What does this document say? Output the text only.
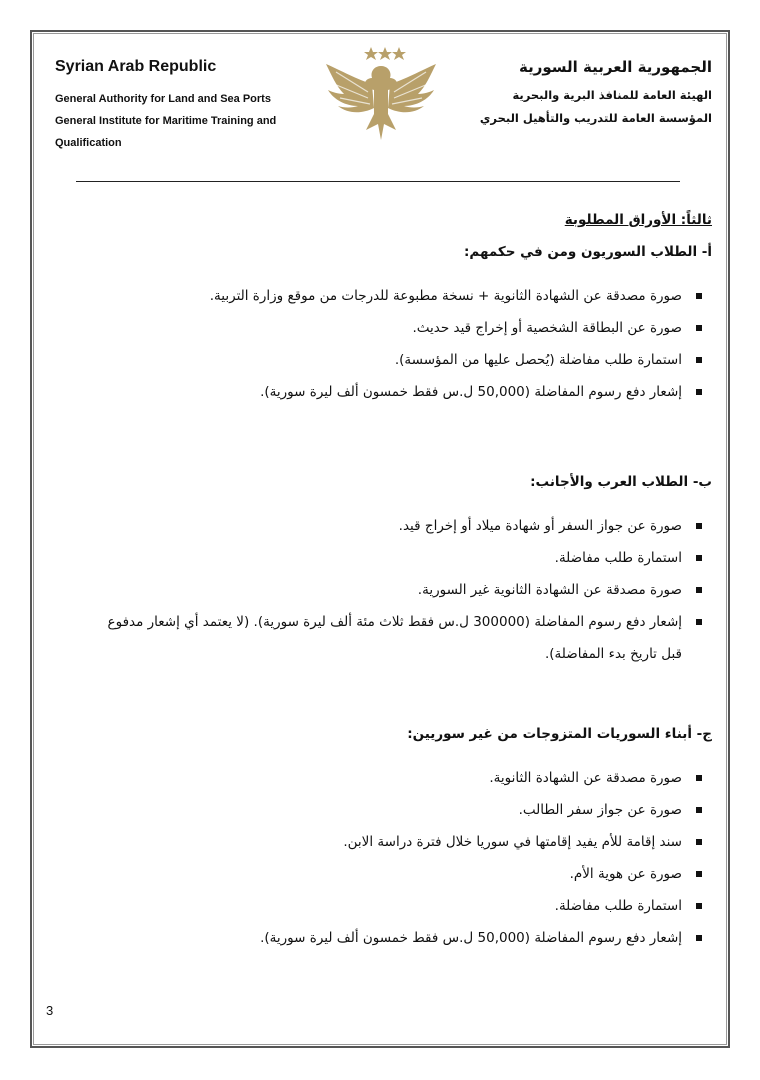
Syrian Arab Republic
General Authority for Land and Sea Ports
General Institute for Maritime Training and Qualification
الجمهورية العربية السورية
الهيئة العامة للمنافذ البرية والبحرية
المؤسسة العامة للتدريب والتأهيل البحري
ثالثاً: الأوراق المطلوبة
أ- الطلاب السوريون ومن في حكمهم:
صورة مصدقة عن الشهادة الثانوية + نسخة مطبوعة للدرجات من موقع وزارة التربية.
صورة عن البطاقة الشخصية أو إخراج قيد حديث.
استمارة طلب مفاضلة (يُحصل عليها من المؤسسة).
إشعار دفع رسوم المفاضلة (50,000 ل.س فقط خمسون ألف ليرة سورية).
ب- الطلاب العرب والأجانب:
صورة عن جواز السفر أو شهادة ميلاد أو إخراج قيد.
استمارة طلب مفاضلة.
صورة مصدقة عن الشهادة الثانوية غير السورية.
إشعار دفع رسوم المفاضلة (300000 ل.س فقط ثلاث مئة ألف ليرة سورية). (لا يعتمد أي إشعار مدفوع قبل تاريخ بدء المفاضلة).
ج- أبناء السوريات المتزوجات من غير سوريين:
صورة مصدقة عن الشهادة الثانوية.
صورة عن جواز سفر الطالب.
سند إقامة للأم يفيد إقامتها في سوريا خلال فترة دراسة الابن.
صورة عن هوية الأم.
استمارة طلب مفاضلة.
إشعار دفع رسوم المفاضلة (50,000 ل.س فقط خمسون ألف ليرة سورية).
3
